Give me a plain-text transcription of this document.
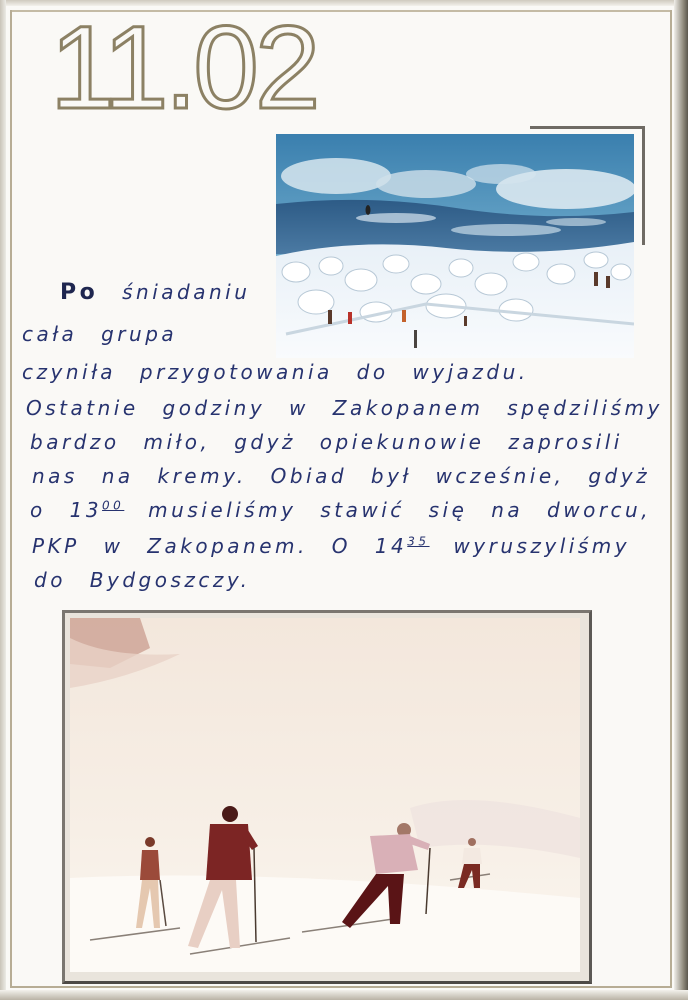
11.02
Po śniadaniu
cała grupa
czyniła przygotowania do wyjazdu.
Ostatnie godziny w Zakopanem spędziliśmy
bardzo miło, gdyż opiekunowie zaprosili
nas na kremy. Obiad był wcześnie, gdyż
o $13^{00}$ musieliśmy stawić się na dworcu,
PKP w Zakopanem. O $14^{35}$ wyruszyliśmy
do Bydgoszczy.
